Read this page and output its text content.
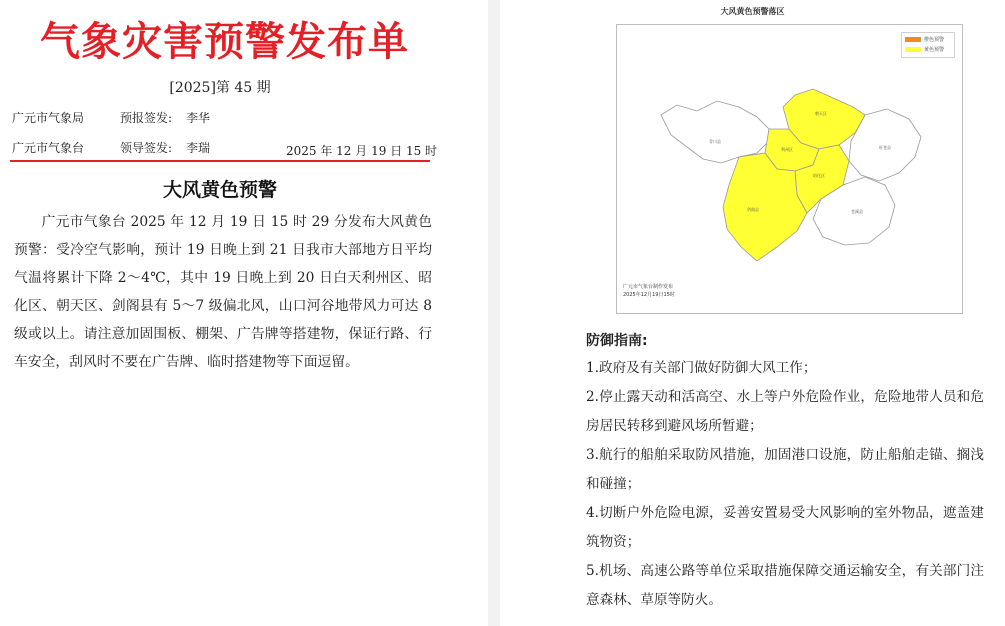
气象灾害预警发布单
[2025]第 45 期
广元市气象局	预报签发: 李华
广元市气象台	领导签发: 李瑞	2025 年 12 月 19 日 15 时
大风黄色预警
广元市气象台 2025 年 12 月 19 日 15 时 29 分发布大风黄色预警：受冷空气影响，预计 19 日晚上到 21 日我市大部地方日平均气温将累计下降 2～4℃，其中 19 日晚上到 20 日白天利州区、昭化区、朝天区、剑阁县有 5～7 级偏北风，山口河谷地带风力可达 8 级或以上。请注意加固围板、棚架、广告牌等搭建物，保证行路、行车安全，刮风时不要在广告牌、临时搭建物等下面逗留。
大风黄色预警落区
青川县
旺苍县
苍溪县
朝天区
利州区
昭化区
剑阁县
橙色预警
黄色预警
广元市气象台制作发布
2025年12月19日15时
防御指南:
1.政府及有关部门做好防御大风工作；
2.停止露天动和活高空、水上等户外危险作业，危险地带人员和危房居民转移到避风场所暂避；
3.航行的船舶采取防风措施，加固港口设施，防止船舶走锚、搁浅和碰撞；
4.切断户外危险电源，妥善安置易受大风影响的室外物品，遮盖建筑物资；
5.机场、高速公路等单位采取措施保障交通运输安全，有关部门注意森林、草原等防火。
